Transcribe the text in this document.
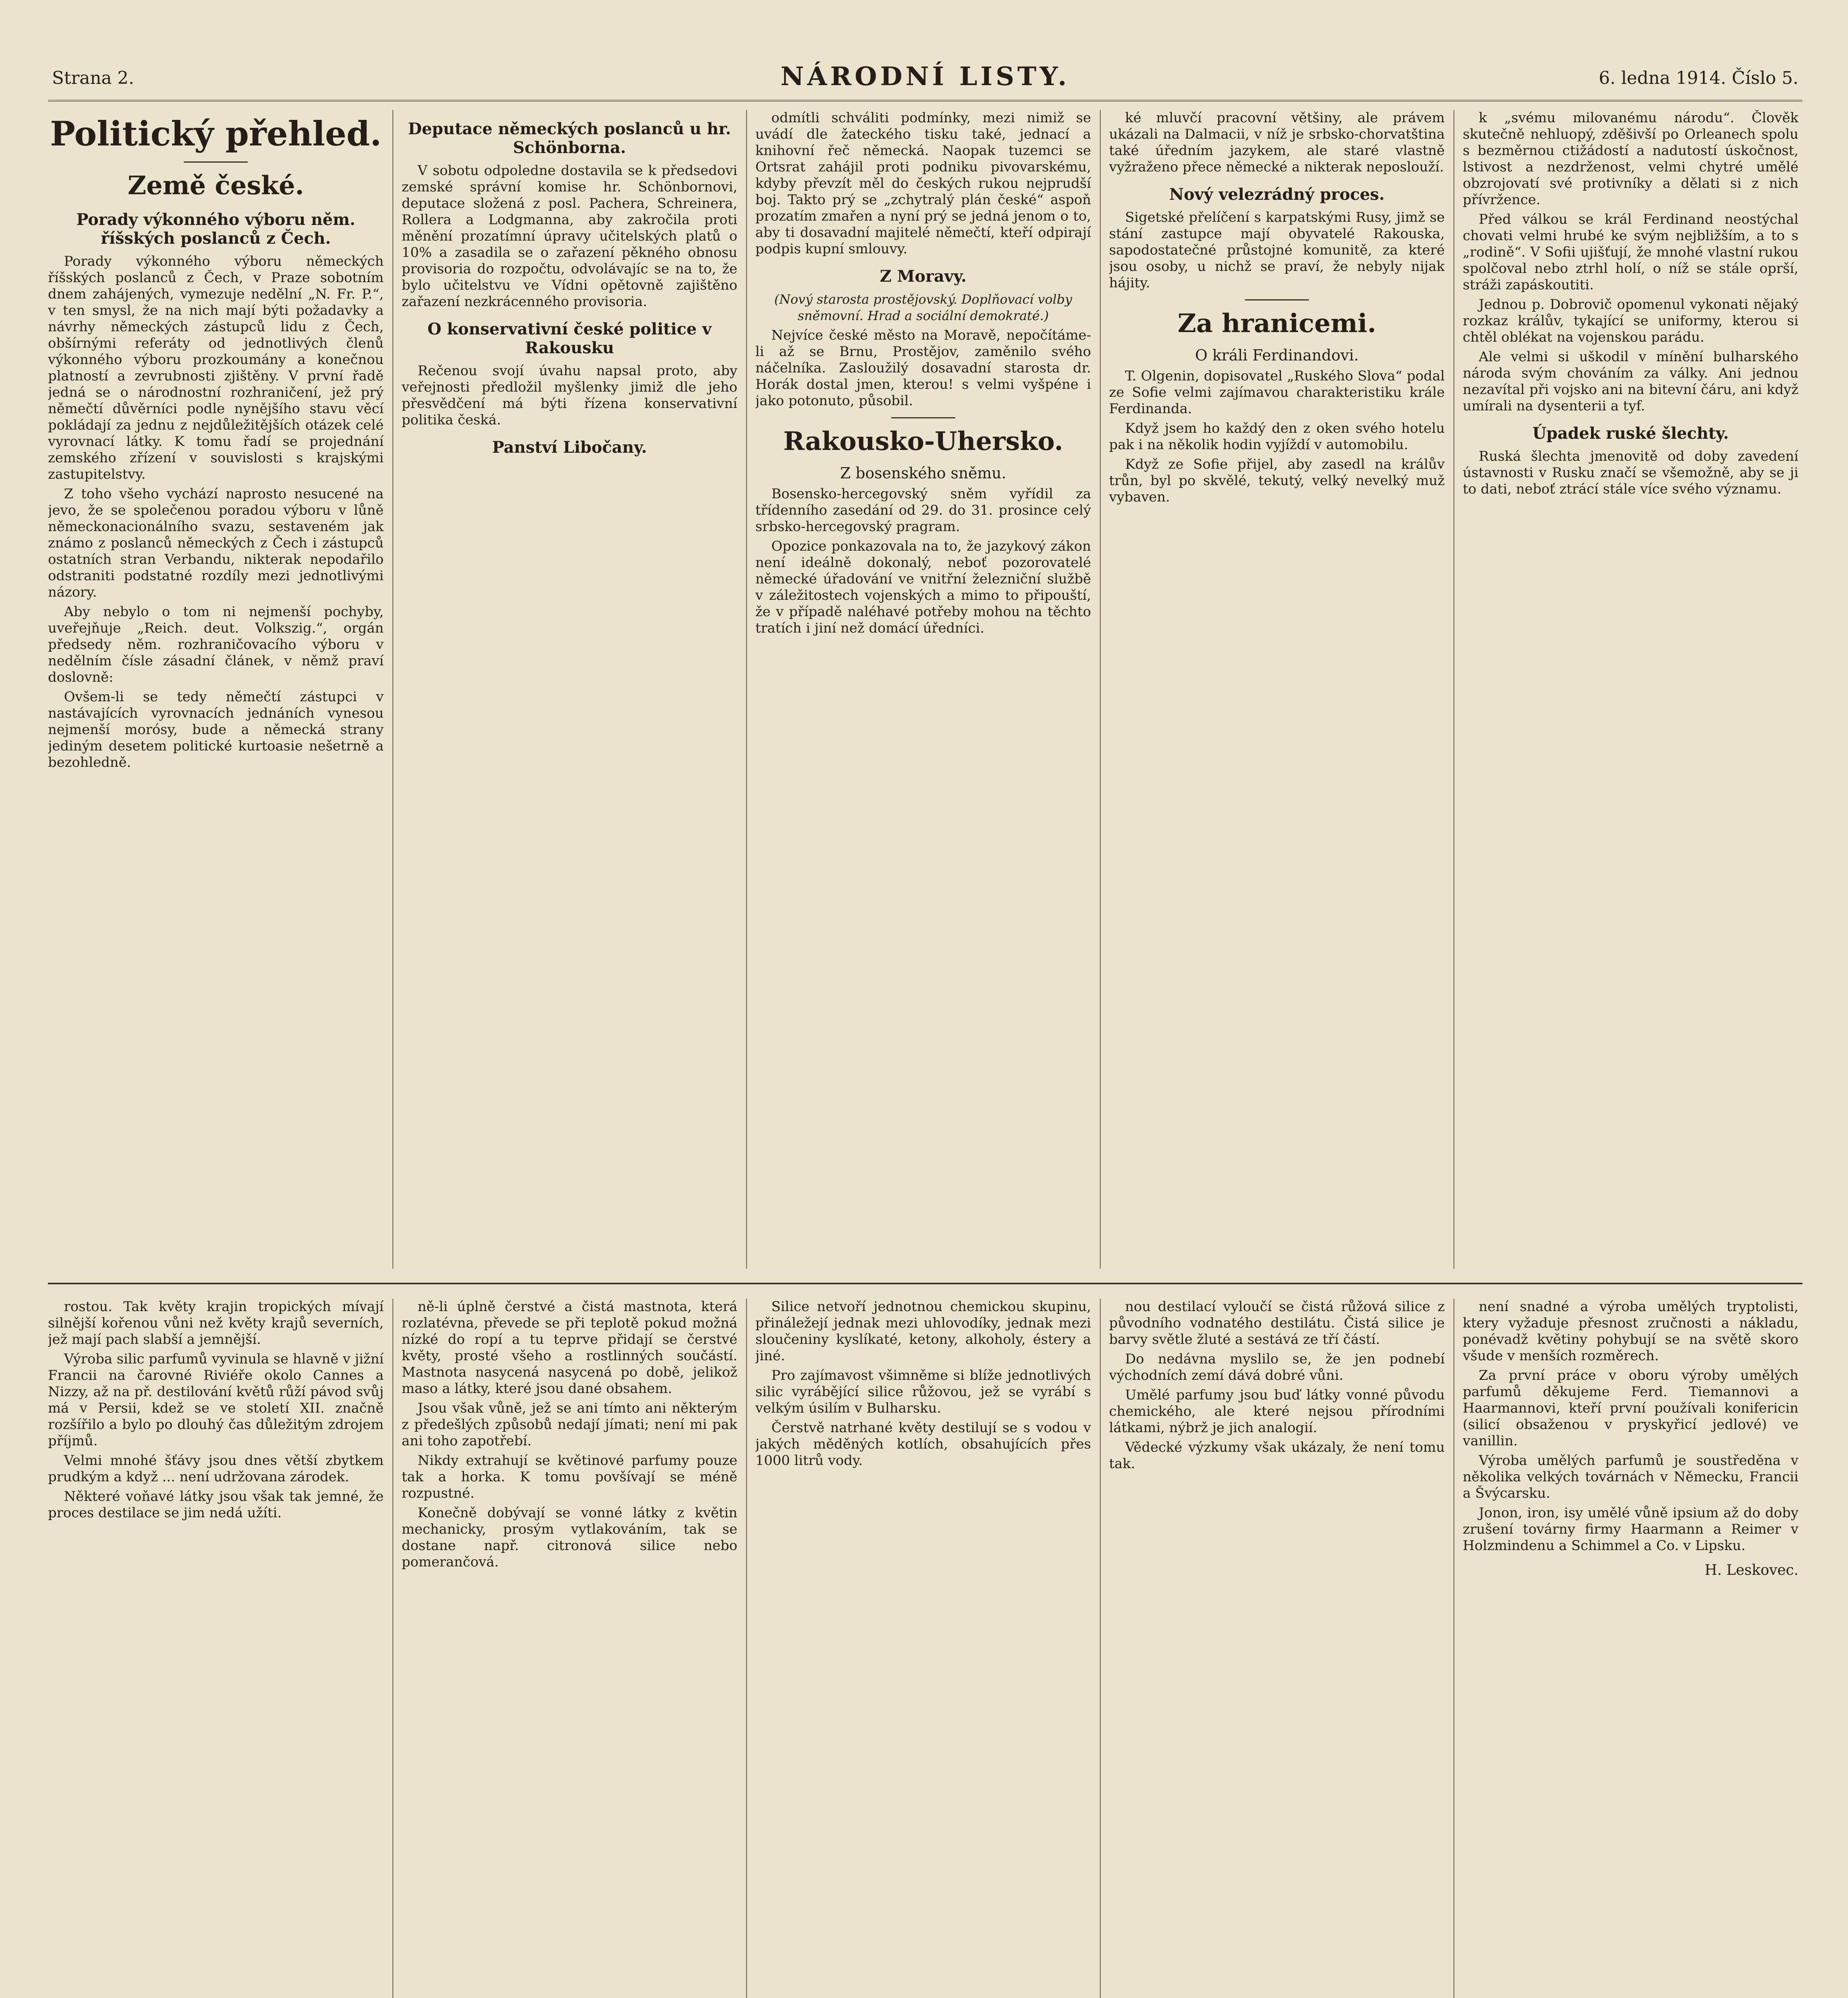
Strana 2.	NÁRODNÍ LISTY.	6. ledna 1914. Číslo 5.
Politický přehled.
Země české.
Porady výkonného výboru něm. říšských poslanců z Čech.

Porady výkonného výboru německých říšských poslanců z Čech, v Praze sobotním dnem zahájených, vymezuje nedělní „N. Fr. P.“, v ten smysl, že na nich mají býti požadavky a návrhy německých zástupců lidu z Čech, obšírnými referáty od jednotlivých členů výkonného výboru prozkoumány a konečnou platností a zevrubnosti zjištěny. V první řadě jedná se o národnostní rozhraničení, jež prý němečtí důvěrníci podle nynějšího stavu věcí pokládají za jednu z nejdůležitějších otázek celé vyrovnací látky. K tomu řadí se projednání zemského zřízení v souvislosti s krajskými zastupitelstvy.

Z toho všeho vychází naprosto nesucené na jevo, že se společenou poradou výboru v lůně německonacionálního svazu, sestaveném jak známo z poslanců německých z Čech i zástupců ostatních stran Verbandu, nikterak nepodařilo odstraniti podstatné rozdíly mezi jednotlivými názory.

Aby nebylo o tom ni nejmenší pochyby, uveřejňuje „Reich. deut. Volkszig.“, orgán předsedy něm. rozhraničovacího výboru v nedělním čísle zásadní článek, v němž praví doslovně:

Ovšem-li se tedy němečtí zástupci v nastávajících vyrovnacích jednáních vynesou nejmenší morósy, bude a německá strany jediným desetem politické kurtoasie nešetrně a bezohledně.

Deputace německých poslanců u hr. Schönborna.

V sobotu odpoledne dostavila se k předsedovi zemské správní komise hr. Schönbornovi, deputace složená z posl. Pachera, Schreinera, Rollera a Lodgmanna, aby zakročila proti měnění prozatímní úpravy učitelských platů o 10% a zasadila se o zařazení pěkného obnosu provisoria do rozpočtu, odvolávajíc se na to, že bylo učitelstvu ve Vídni opětovně zajištěno zařazení nezkrácenného provisoria.

O konservativní české politice v Rakousku

Rečenou svojí úvahu napsal proto, aby veřejnosti předložil myšlenky jimiž dle jeho přesvědčení má býti řízena konservativní politika česká.

Panství Libočany.

odmítli schváliti podmínky, mezi nimiž se uvádí dle žateckého tisku také, jednací a knihovní řeč německá. Naopak tuzemci se Ortsrat zahájil proti podniku pivovarskému, kdyby převzít měl do českých rukou nejprudší boj. Takto prý se „zchytralý plán české“ aspoň prozatím zmařen a nyní prý se jedná jenom o to, aby ti dosavadní majitelé němečtí, kteří odpirají podpis kupní smlouvy.

Z Moravy.

(Nový starosta prostějovský. Doplňovací volby sněmovní. Hrad a sociální demokraté.)

Nejvíce české město na Moravě, nepočítáme-li až se Brnu, Prostějov, zaměnilo svého náčelníka. Zasloužilý dosavadní starosta dr. Horák dostal jmen, kterou! s velmi vyšpéne i jako potonuto, působil.

Rakousko-Uhersko.
Z bosenského sněmu.

Bosensko-hercegovský sněm vyřídil za třídenního zasedání od 29. do 31. prosince celý srbsko-hercegovský pragram.

Opozice ponkazovala na to, že jazykový zákon není ideálně dokonalý, neboť pozorovatelé německé úřadování ve vnitřní železniční službě v záležitostech vojenských a mimo to připouští, že v případě naléhavé potřeby mohou na těchto tratích i jiní než domácí úředníci.

ké mluvčí pracovní většiny, ale právem ukázali na Dalmacii, v níž je srbsko-chorvatština také úředním jazykem, ale staré vlastně vyžraženo přece německé a nikterak neposlouží.

Nový velezrádný proces.

Sigetské přelíčení s karpatskými Rusy, jimž se stání zastupce mají obyvatelé Rakouska, sapodostatečné průstojné komunitě, za které jsou osoby, u nichž se praví, že nebyly nijak hájity.

Za hranicemi.
O králi Ferdinandovi.

T. Olgenin, dopisovatel „Ruského Slova“ podal ze Sofie velmi zajímavou charakteristiku krále Ferdinanda.

Když jsem ho každý den z oken svého hotelu pak i na několik hodin vyjíždí v automobilu.

Když ze Sofie přijel, aby zasedl na králův trůn, byl po skvělé, tekutý, velký nevelký muž vybaven.

k „svému milovanému národu“. Člověk skutečně nehluopý, zděšivší po Orleanech spolu s bezměrnou ctižádostí a nadutostí úskočnost, lstivost a nezdrženost, velmi chytré umělé obzrojovatí své protivníky a dělati si z nich přívržence.

Před válkou se král Ferdinand neostýchal chovati velmi hrubé ke svým nejbližším, a to s „rodině“. V Sofii ujišťují, že mnohé vlastní rukou spolčoval nebo ztrhl holí, o níž se stále oprší, stráži zapáskoutiti.

Jednou p. Dobrovič opomenul vykonati nějaký rozkaz králův, tykající se uniformy, kterou si chtěl oblékat na vojenskou parádu.

Ale velmi si uškodil v mínění bulharského národa svým chováním za války. Ani jednou nezavítal při vojsko ani na bitevní čáru, ani když umírali na dysenterii a tyf.

Úpadek ruské šlechty.

Ruská šlechta jmenovitě od doby zavedení ústavnosti v Rusku značí se všemožně, aby se ji to dati, neboť ztrácí stále více svého významu.

rostou. Tak květy krajin tropických mívají silnější kořenou vůni než květy krajů severních, jež mají pach slabší a jemnější.

Výroba silic parfumů vyvinula se hlavně v jižní Francii na čarovné Riviéře okolo Cannes a Nizzy, až na př. destilování květů růží pávod svůj má v Persii, kdež se ve století XII. značně rozšířilo a bylo po dlouhý čas důležitým zdrojem příjmů.

Velmi mnohé šťávy jsou dnes větší zbytkem prudkým a když ... není udržovana zárodek.

Některé voňavé látky jsou však tak jemné, že proces destilace se jim nedá užíti.

ně-li úplně čerstvé a čistá mastnota, která rozlatévna, převede se při teplotě pokud možná nízké do ropí a tu teprve přidají se čerstvé květy, prosté všeho a rostlinných součástí. Mastnota nasycená nasycená po době, jelikož maso a látky, které jsou dané obsahem.

Jsou však vůně, jež se ani tímto ani některým z předešlých způsobů nedají jímati; není mi pak ani toho zapotřebí.

Nikdy extrahují se květinové parfumy pouze tak a horka. K tomu povšívají se méně rozpustné.

Konečně dobývají se vonné látky z květin mechanicky, prosým vytlakováním, tak se dostane např. citronová silice nebo pomerančová.

Silice netvoří jednotnou chemickou skupinu, přináležejí jednak mezi uhlovodíky, jednak mezi sloučeniny kyslíkaté, ketony, alkoholy, éstery a jiné.

Pro zajímavost všimněme si blíže jednotlivých silic vyrábějící silice růžovou, jež se vyrábí s velkým úsilím v Bulharsku.

Čerstvě natrhané květy destilují se s vodou v jakých měděných kotlích, obsahujících přes 1000 litrů vody.

nou destilací vyloučí se čistá růžová silice z původního vodnatého destilátu. Čistá silice je barvy světle žluté a sestává ze tří částí.

Do nedávna myslilo se, že jen podnebí východních zemí dává dobré vůni.

Umělé parfumy jsou buď látky vonné původu chemického, ale které nejsou přírodními látkami, nýbrž je jich analogií.

Vědecké výzkumy však ukázaly, že není tomu tak.

není snadné a výroba umělých tryptolisti, ktery vyžaduje přesnost zručnosti a nákladu, ponévadž květiny pohybují se na světě skoro všude v menších rozměrech.

Za první práce v oboru výroby umělých parfumů děkujeme Ferd. Tiemannovi a Haarmannovi, kteří první používali konifericin (silicí obsaženou v pryskyřicí jedlové) ve vanillin.

Výroba umělých parfumů je soustředěna v několika velkých továrnách v Německu, Francii a Švýcarsku.

Jonon, iron, isy umělé vůně ipsium až do doby zrušení továrny firmy Haarmann a Reimer v Holzmindenu a Schimmel a Co. v Lipsku.

H. Leskovec.
